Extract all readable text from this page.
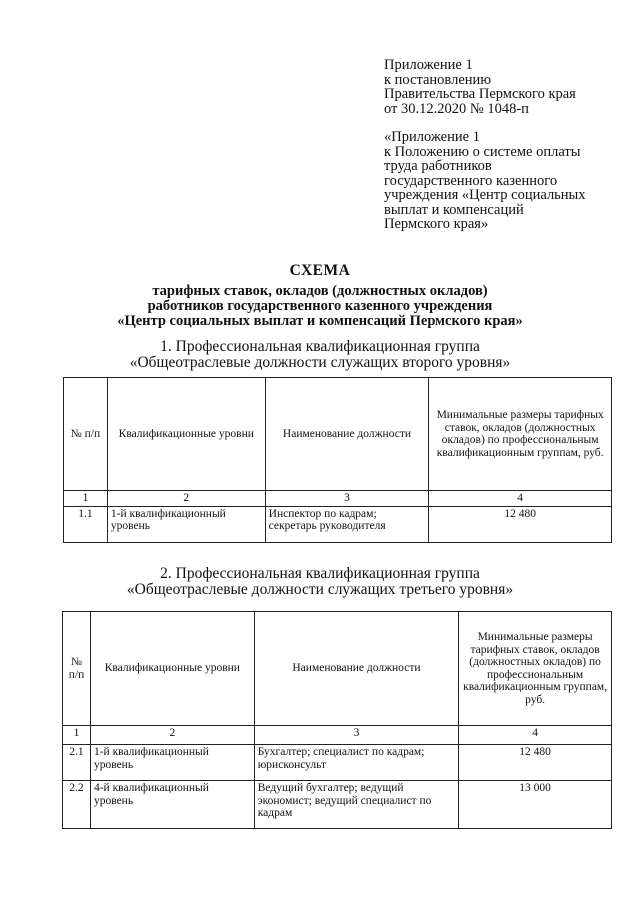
Приложение 1
к постановлению
Правительства Пермского края
от 30.12.2020 № 1048-п
«Приложение 1
к Положению о системе оплаты
труда работников
государственного казенного
учреждения «Центр социальных
выплат и компенсаций
Пермского края»
СХЕМА
тарифных ставок, окладов (должностных окладов)
работников государственного казенного учреждения
«Центр социальных выплат и компенсаций Пермского края»
1. Профессиональная квалификационная группа
«Общеотраслевые должности служащих второго уровня»
№ п/п	Квалификационные уровни	Наименование должности	Минимальные размеры тарифных ставок, окладов (должностных окладов) по профессиональным квалификационным группам, руб.
1	2	3	4
1.1	1-й квалификационный уровень	Инспектор по кадрам; секретарь руководителя	12 480
2. Профессиональная квалификационная группа
«Общеотраслевые должности служащих третьего уровня»
№ п/п	Квалификационные уровни	Наименование должности	Минимальные размеры тарифных ставок, окладов (должностных окладов) по профессиональным квалификационным группам, руб.
1	2	3	4
2.1	1-й квалификационный уровень	Бухгалтер; специалист по кадрам; юрисконсульт	12 480
2.2	4-й квалификационный уровень	Ведущий бухгалтер; ведущий экономист; ведущий специалист по кадрам	13 000
